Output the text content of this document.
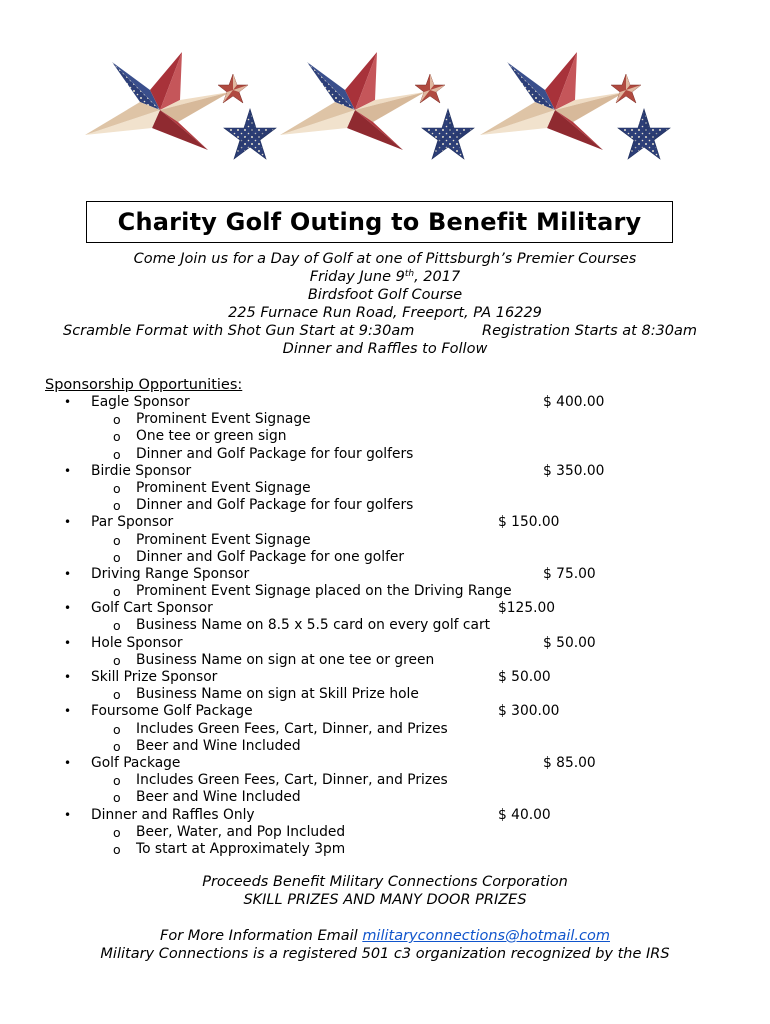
Charity Golf Outing to Benefit Military
Come Join us for a Day of Golf at one of Pittsburgh’s Premier Courses
Friday June 9th, 2017
Birdsfoot Golf Course
225 Furnace Run Road, Freeport, PA 16229
Scramble Format with Shot Gun Start at 9:30am	Registration Starts at 8:30am
Dinner and Raffles to Follow
Sponsorship Opportunities:
• Eagle Sponsor	$ 400.00
o Prominent Event Signage
o One tee or green sign
o Dinner and Golf Package for four golfers
• Birdie Sponsor	$ 350.00
o Prominent Event Signage
o Dinner and Golf Package for four golfers
• Par Sponsor	$ 150.00
o Prominent Event Signage
o Dinner and Golf Package for one golfer
• Driving Range Sponsor	$ 75.00
o Prominent Event Signage placed on the Driving Range
• Golf Cart Sponsor	$125.00
o Business Name on 8.5 x 5.5 card on every golf cart
• Hole Sponsor	$ 50.00
o Business Name on sign at one tee or green
• Skill Prize Sponsor	$ 50.00
o Business Name on sign at Skill Prize hole
• Foursome Golf Package	$ 300.00
o Includes Green Fees, Cart, Dinner, and Prizes
o Beer and Wine Included
• Golf Package	$ 85.00
o Includes Green Fees, Cart, Dinner, and Prizes
o Beer and Wine Included
• Dinner and Raffles Only	$ 40.00
o Beer, Water, and Pop Included
o To start at Approximately 3pm
Proceeds Benefit Military Connections Corporation
SKILL PRIZES AND MANY DOOR PRIZES
For More Information Email militaryconnections@hotmail.com
Military Connections is a registered 501 c3 organization recognized by the IRS
